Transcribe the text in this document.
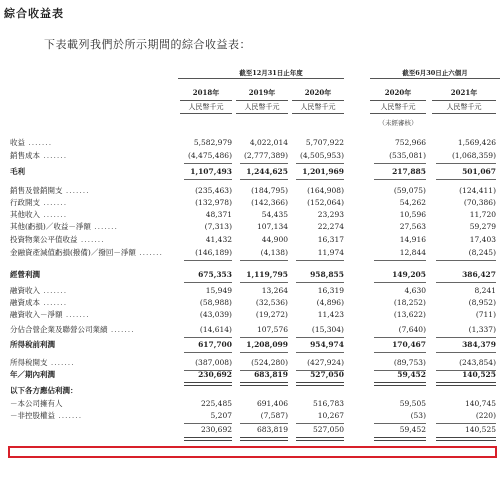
綜合收益表
下表載列我們於所示期間的綜合收益表：
截至12月31日止年度	截至6月30日止六個月
2018年	2019年	2020年	2020年	2021年
人民幣千元	人民幣千元	人民幣千元	人民幣千元	人民幣千元
（未經審核）
收益 .......	5,582,979 4,022,014 5,707,922	752,966	1,569,426
銷售成本 .......	(4,475,486) (2,777,389) (4,505,953)	(535,081)	(1,068,359)
毛利	1,107,493 1,244,625 1,201,969	217,885	501,067
銷售及營銷開支 .......	(235,463)	(184,795)	(164,908)	(59,075)	(124,411)
行政開支 .......	(132,978)	(142,366)	(152,064)	54,262	(70,386)
其他收入 .......	48,371	54,435	23,293	10,596	11,720
其他(虧損)／收益－淨額 .......	(7,313)	107,134	22,274	27,563	59,279
投資物業公平值收益 .......	41,432	44,900	16,317	14,916	17,403
金融資產減值虧損(撥備)／撥回－淨額 .......	(146,189)	(4,138)	11,974	12,844	(8,245)
經營利潤	675,353 1,119,795	958,855	149,205	386,427
融資收入 .......	15,949	13,264	16,319	4,630	8,241
融資成本 .......	(58,988)	(32,536)	(4,896)	(18,252)	(8,952)
融資收入－淨額 .......	(43,039)	(19,272)	11,423	(13,622)	(711)
分佔合營企業及聯營公司業績 .......	(14,614)	107,576	(15,304)	(7,640)	(1,337)
所得稅前利潤	617,700 1,208,099	954,974	170,467	384,379
所得稅開支 .......	(387,008)	(524,280)	(427,924)	(89,753)	(243,854)
年／期內利潤	230,692	683,819	527,050	59,452	140,525
以下各方應佔利潤：
－本公司擁有人	225,485	691,406	516,783	59,505	140,745
－非控股權益 .......	5,207	(7,587)	10,267	(53)	(220)
230,692	683,819	527,050	59,452	140,525
